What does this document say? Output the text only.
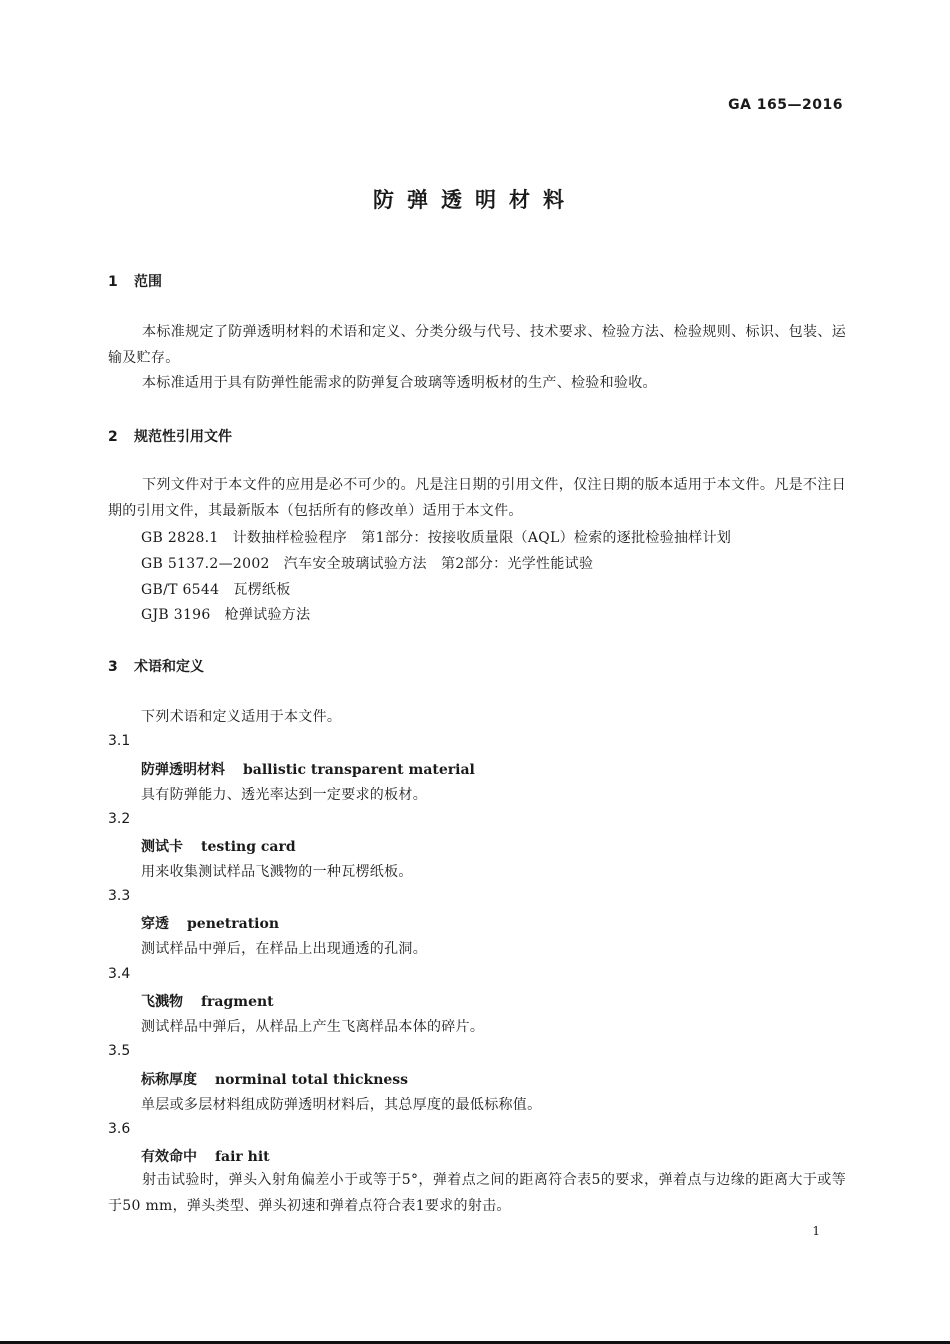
GA 165—2016
防弹透明材料
1 范围
本标准规定了防弹透明材料的术语和定义、分类分级与代号、技术要求、检验方法、检验规则、标识、包装、运输及贮存。
本标准适用于具有防弹性能需求的防弹复合玻璃等透明板材的生产、检验和验收。
2 规范性引用文件
下列文件对于本文件的应用是必不可少的。凡是注日期的引用文件，仅注日期的版本适用于本文件。凡是不注日期的引用文件，其最新版本（包括所有的修改单）适用于本文件。
GB 2828.1 计数抽样检验程序　第1部分：按接收质量限（AQL）检索的逐批检验抽样计划
GB 5137.2—2002 汽车安全玻璃试验方法　第2部分：光学性能试验
GB/T 6544 瓦楞纸板
GJB 3196 枪弹试验方法
3 术语和定义
下列术语和定义适用于本文件。
3.1
防弹透明材料 ballistic transparent material
具有防弹能力、透光率达到一定要求的板材。
3.2
测试卡 testing card
用来收集测试样品飞溅物的一种瓦楞纸板。
3.3
穿透 penetration
测试样品中弹后，在样品上出现通透的孔洞。
3.4
飞溅物 fragment
测试样品中弹后，从样品上产生飞离样品本体的碎片。
3.5
标称厚度 norminal total thickness
单层或多层材料组成防弹透明材料后，其总厚度的最低标称值。
3.6
有效命中 fair hit
射击试验时，弹头入射角偏差小于或等于5°，弹着点之间的距离符合表5的要求，弹着点与边缘的距离大于或等于50 mm，弹头类型、弹头初速和弹着点符合表1要求的射击。
1
